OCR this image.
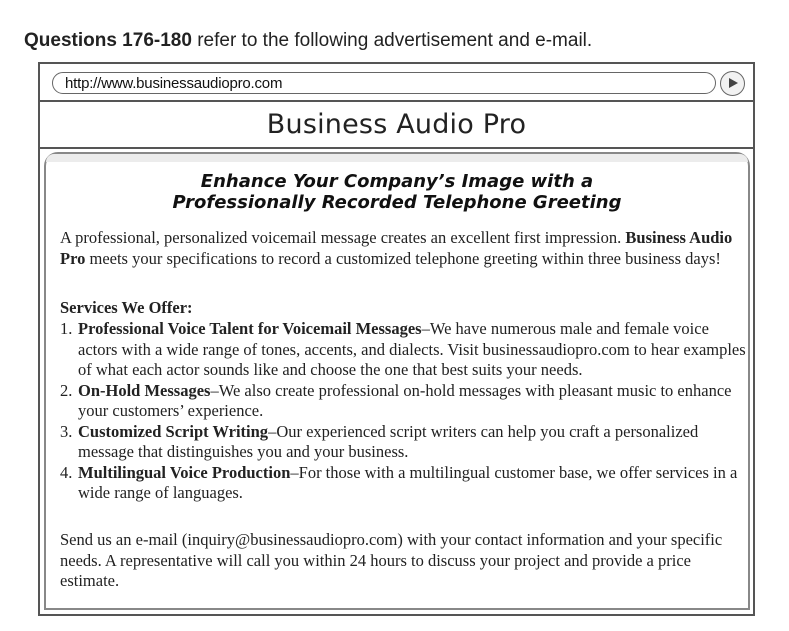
Questions 176-180 refer to the following advertisement and e-mail.
http://www.businessaudiopro.com
Business Audio Pro
Enhance Your Company’s Image with a
Professionally Recorded Telephone Greeting
A professional, personalized voicemail message creates an excellent first impression. Business Audio Pro meets your specifications to record a customized telephone greeting within three business days!
Services We Offer:
1. Professional Voice Talent for Voicemail Messages–We have numerous male and female voice actors with a wide range of tones, accents, and dialects. Visit businessaudiopro.com to hear examples of what each actor sounds like and choose the one that best suits your needs.
2. On-Hold Messages–We also create professional on-hold messages with pleasant music to enhance your customers’ experience.
3. Customized Script Writing–Our experienced script writers can help you craft a personalized message that distinguishes you and your business.
4. Multilingual Voice Production–For those with a multilingual customer base, we offer services in a wide range of languages.
Send us an e-mail (inquiry@businessaudiopro.com) with your contact information and your specific needs. A representative will call you within 24 hours to discuss your project and provide a price estimate.
